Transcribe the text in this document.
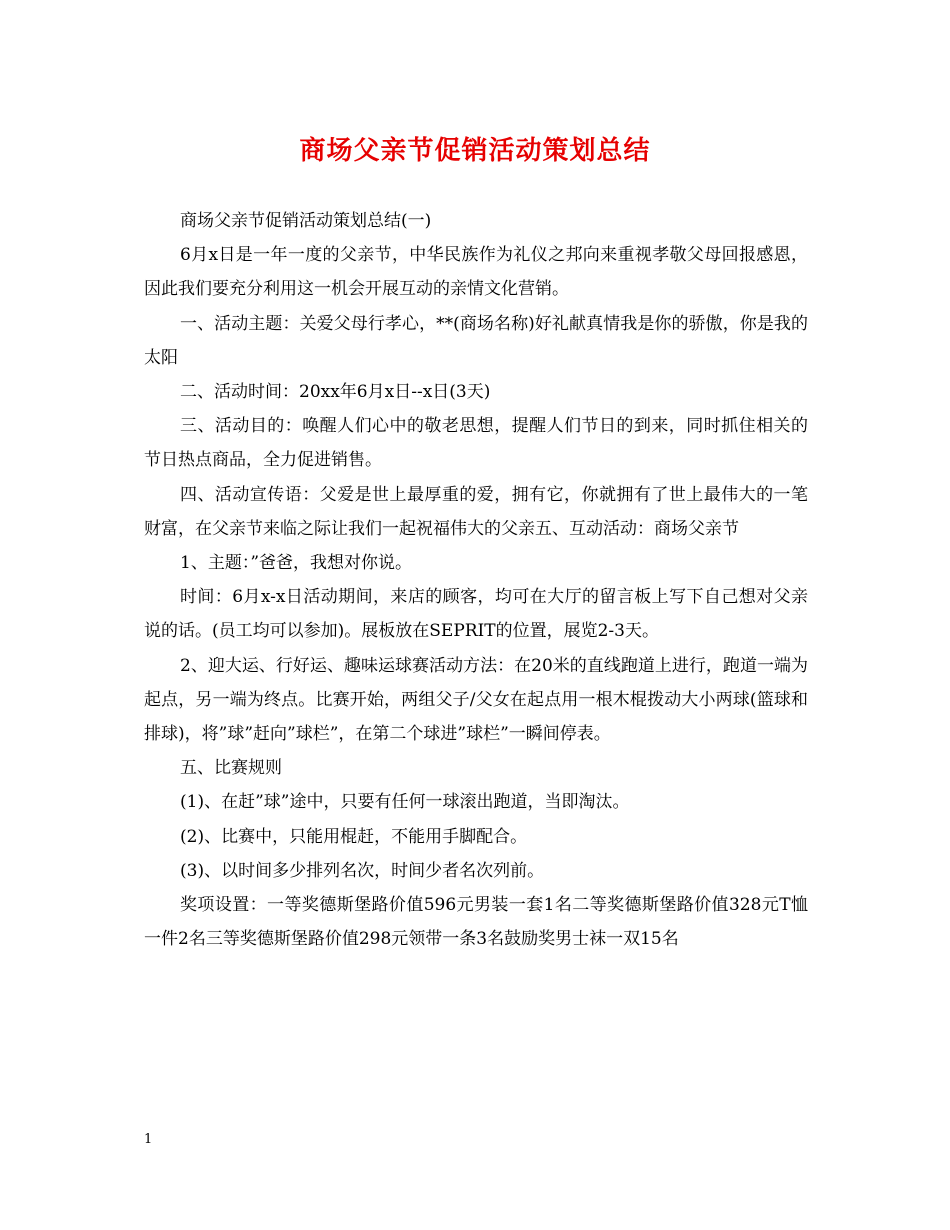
商场父亲节促销活动策划总结

商场父亲节促销活动策划总结(一)

6月x日是一年一度的父亲节，中华民族作为礼仪之邦向来重视孝敬父母回报感恩，因此我们要充分利用这一机会开展互动的亲情文化营销。

一、活动主题：关爱父母行孝心，**(商场名称)好礼献真情我是你的骄傲，你是我的太阳

二、活动时间：20xx年6月x日--x日(3天)

三、活动目的：唤醒人们心中的敬老思想，提醒人们节日的到来，同时抓住相关的节日热点商品，全力促进销售。

四、活动宣传语：父爱是世上最厚重的爱，拥有它，你就拥有了世上最伟大的一笔财富，在父亲节来临之际让我们一起祝福伟大的父亲五、互动活动：商场父亲节

1、主题：”爸爸，我想对你说。

时间：6月x-x日活动期间，来店的顾客，均可在大厅的留言板上写下自己想对父亲说的话。(员工均可以参加)。展板放在SEPRIT的位置，展览2-3天。

2、迎大运、行好运、趣味运球赛活动方法：在20米的直线跑道上进行，跑道一端为起点，另一端为终点。比赛开始，两组父子/父女在起点用一根木棍拨动大小两球(篮球和排球)，将”球”赶向”球栏”，在第二个球进”球栏”一瞬间停表。

五、比赛规则

(1)、在赶”球”途中，只要有任何一球滚出跑道，当即淘汰。

(2)、比赛中，只能用棍赶，不能用手脚配合。

(3)、以时间多少排列名次，时间少者名次列前。

奖项设置：一等奖德斯堡路价值596元男装一套1名二等奖德斯堡路价值328元T恤一件2名三等奖德斯堡路价值298元领带一条3名鼓励奖男士袜一双15名

1
